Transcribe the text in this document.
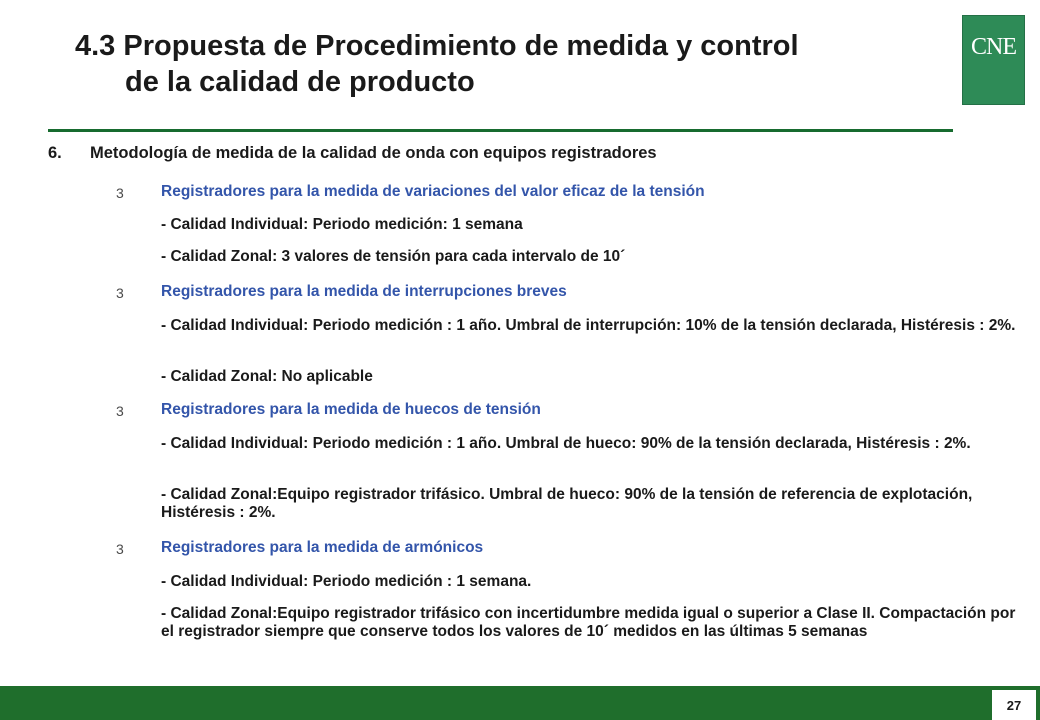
4.3 Propuesta de Procedimiento de medida y control
de la calidad de producto
CNE
6. Metodología de medida de la calidad de onda con equipos registradores
3 Registradores para la medida de variaciones del valor eficaz de la tensión
- Calidad Individual: Periodo medición: 1 semana
- Calidad Zonal: 3 valores de tensión para cada intervalo de 10´
3 Registradores para la medida de interrupciones breves
- Calidad Individual: Periodo medición : 1 año. Umbral de interrupción: 10% de la tensión declarada, Histéresis : 2%.
- Calidad Zonal: No aplicable
3 Registradores para la medida de huecos de tensión
- Calidad Individual: Periodo medición : 1 año. Umbral de hueco: 90% de la tensión declarada, Histéresis : 2%.
- Calidad Zonal:Equipo registrador trifásico. Umbral de hueco: 90% de la tensión de referencia de explotación, Histéresis : 2%.
3 Registradores para la medida de armónicos
- Calidad Individual: Periodo medición : 1 semana.
- Calidad Zonal:Equipo registrador trifásico con incertidumbre medida igual o superior a Clase II. Compactación por el registrador siempre que conserve todos los valores de 10´ medidos en las últimas 5 semanas
27
